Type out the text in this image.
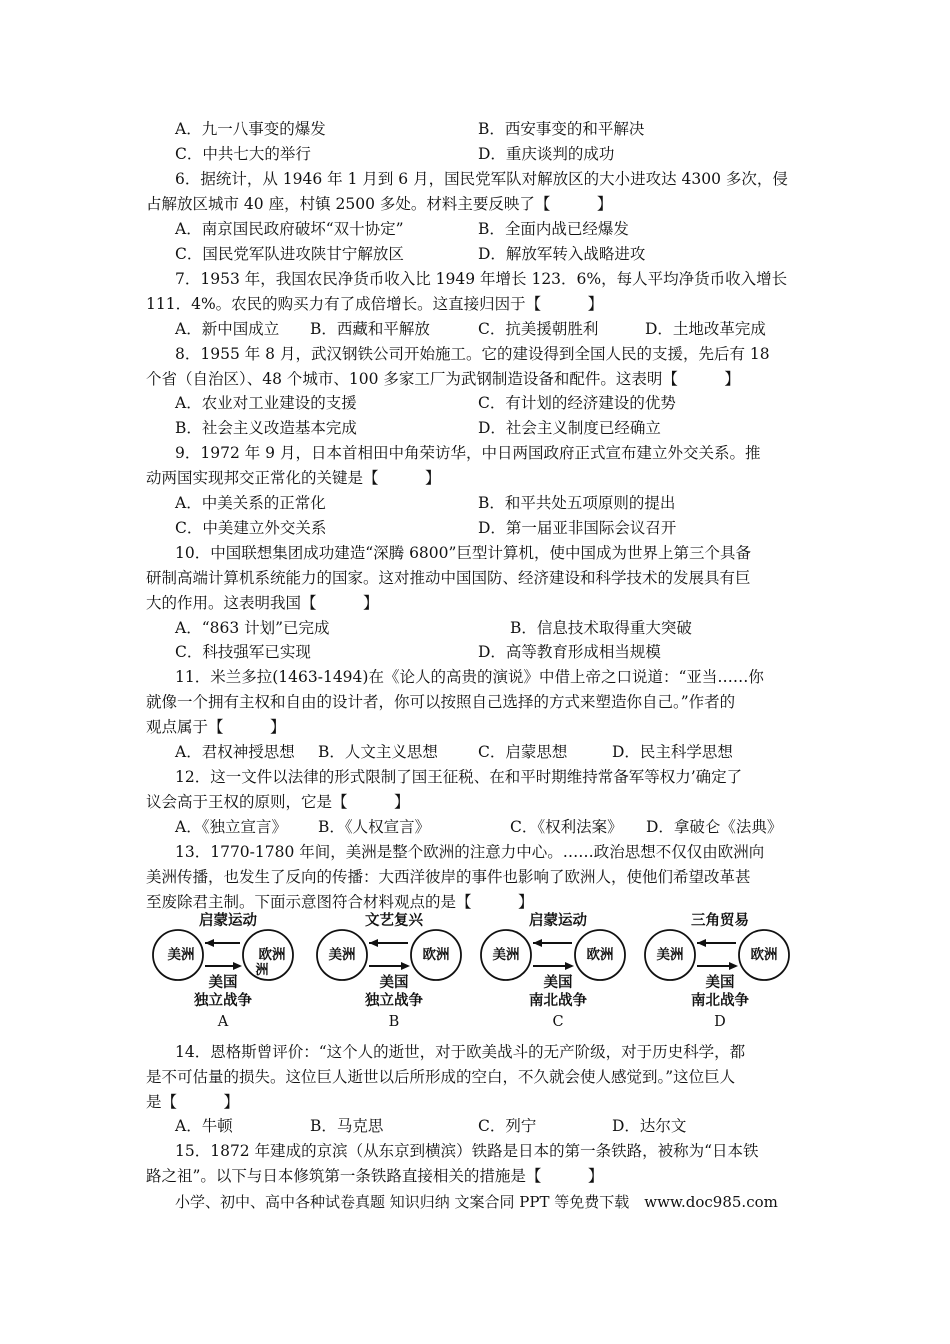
A．九一八事变的爆发	B．西安事变的和平解决
C．中共七大的举行	D．重庆谈判的成功
6．据统计，从 1946 年 1 月到 6 月，国民党军队对解放区的大小进攻达 4300 多次，侵
占解放区城市 40 座，村镇 2500 多处。材料主要反映了【　　　】
A．南京国民政府破坏“双十协定”	B．全面内战已经爆发
C．国民党军队进攻陕甘宁解放区	D．解放军转入战略进攻
7．1953 年，我国农民净货币收入比 1949 年增长 123．6%，每人平均净货币收入增长
111．4%。农民的购买力有了成倍增长。这直接归因于【　　　】
A．新中国成立 B．西藏和平解放	C．抗美援朝胜利	D．土地改革完成
8．1955 年 8 月，武汉钢铁公司开始施工。它的建设得到全国人民的支援，先后有 18
个省（自治区）、48 个城市、100 多家工厂为武钢制造设备和配件。这表明【　　　】
A．农业对工业建设的支援	C．有计划的经济建设的优势
B．社会主义改造基本完成	D．社会主义制度已经确立
9．1972 年 9 月，日本首相田中角荣访华，中日两国政府正式宣布建立外交关系。推
动两国实现邦交正常化的关键是【　　　】
A．中美关系的正常化	B．和平共处五项原则的提出
C．中美建立外交关系	D．第一届亚非国际会议召开
10．中国联想集团成功建造“深腾 6800”巨型计算机，使中国成为世界上第三个具备
研制高端计算机系统能力的国家。这对推动中国国防、经济建设和科学技术的发展具有巨
大的作用。这表明我国【　　　】
A．“863 计划”已完成	B．信息技术取得重大突破
C．科技强军已实现	D．高等教育形成相当规模
11．米兰多拉(1463-1494)在《论人的高贵的演说》中借上帝之口说道：“亚当……你
就像一个拥有主权和自由的设计者，你可以按照自己选择的方式来塑造你自己。”作者的
观点属于【　　　】
A．君权神授思想 B．人文主义思想	C．启蒙思想	D．民主科学思想
12．这一文件以法律的形式限制了国王征税、在和平时期维持常备军等权力’确定了
议会高于王权的原则，它是【　　　】
A．《独立宣言》 B．《人权宣言》	C．《权利法案》 D．拿破仑《法典》
13．1770-1780 年间，美洲是整个欧洲的注意力中心。……政治思想不仅仅由欧洲向
美洲传播，也发生了反向的传播：大西洋彼岸的事件也影响了欧洲人，使他们希望改革甚
至废除君主制。下面示意图符合材料观点的是【　　　】
启蒙运动
美洲	欧洲
洲
美国
独立战争
A
文艺复兴
美洲	欧洲
美国
独立战争
B
启蒙运动
美洲	欧洲
美国
南北战争
C
三角贸易
美洲	欧洲
美国
南北战争
D
14．恩格斯曾评价：“这个人的逝世，对于欧美战斗的无产阶级，对于历史科学，都
是不可估量的损失。这位巨人逝世以后所形成的空白，不久就会使人感觉到。”这位巨人
是【　　　】
A．牛顿	B．马克思	C．列宁	D．达尔文
15．1872 年建成的京滨（从东京到横滨）铁路是日本的第一条铁路，被称为“日本铁
路之祖”。以下与日本修筑第一条铁路直接相关的措施是【　　　】
小学、初中、高中各种试卷真题 知识归纳 文案合同 PPT 等免费下载　www.doc985.com
